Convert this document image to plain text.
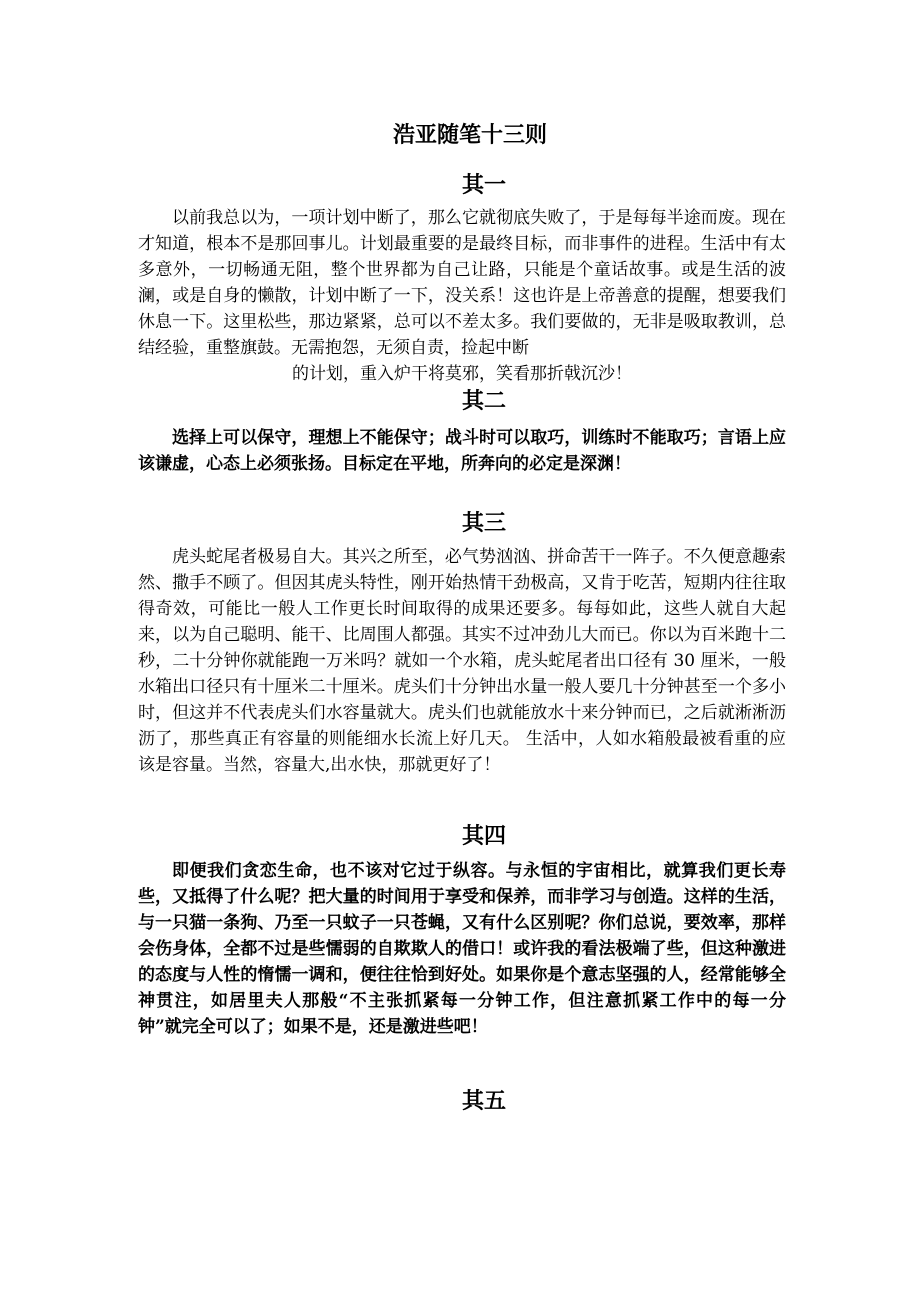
浩亚随笔十三则
其一

以前我总以为，一项计划中断了，那么它就彻底失败了，于是每每半途而废。现在才知道，根本不是那回事儿。计划最重要的是最终目标，而非事件的进程。生活中有太多意外，一切畅通无阻，整个世界都为自己让路，只能是个童话故事。或是生活的波澜，或是自身的懒散，计划中断了一下，没关系！这也许是上帝善意的提醒，想要我们休息一下。这里松些，那边紧紧，总可以不差太多。我们要做的，无非是吸取教训，总结经验，重整旗鼓。无需抱怨，无须自责，捡起中断
的计划，重入炉干将莫邪，笑看那折戟沉沙！

其二

选择上可以保守，理想上不能保守；战斗时可以取巧，训练时不能取巧；言语上应该谦虚，心态上必须张扬。目标定在平地，所奔向的必定是深渊！

其三

虎头蛇尾者极易自大。其兴之所至，必气势汹汹、拼命苦干一阵子。不久便意趣索然、撒手不顾了。但因其虎头特性，刚开始热情干劲极高，又肯于吃苦，短期内往往取得奇效，可能比一般人工作更长时间取得的成果还要多。每每如此，这些人就自大起来，以为自己聪明、能干、比周围人都强。其实不过冲劲儿大而已。你以为百米跑十二秒，二十分钟你就能跑一万米吗？就如一个水箱，虎头蛇尾者出口径有 30 厘米，一般水箱出口径只有十厘米二十厘米。虎头们十分钟出水量一般人要几十分钟甚至一个多小时，但这并不代表虎头们水容量就大。虎头们也就能放水十来分钟而已，之后就淅淅沥沥了，那些真正有容量的则能细水长流上好几天。 生活中，人如水箱般最被看重的应该是容量。当然，容量大,出水快，那就更好了！

其四

即便我们贪恋生命，也不该对它过于纵容。与永恒的宇宙相比，就算我们更长寿些，又抵得了什么呢？把大量的时间用于享受和保养，而非学习与创造。这样的生活，与一只猫一条狗、乃至一只蚊子一只苍蝇，又有什么区别呢？你们总说，要效率，那样会伤身体，全都不过是些懦弱的自欺欺人的借口！或许我的看法极端了些，但这种激进的态度与人性的惰懦一调和，便往往恰到好处。如果你是个意志坚强的人，经常能够全神贯注，如居里夫人那般“不主张抓紧每一分钟工作，但注意抓紧工作中的每一分钟”就完全可以了；如果不是，还是激进些吧！

其五
